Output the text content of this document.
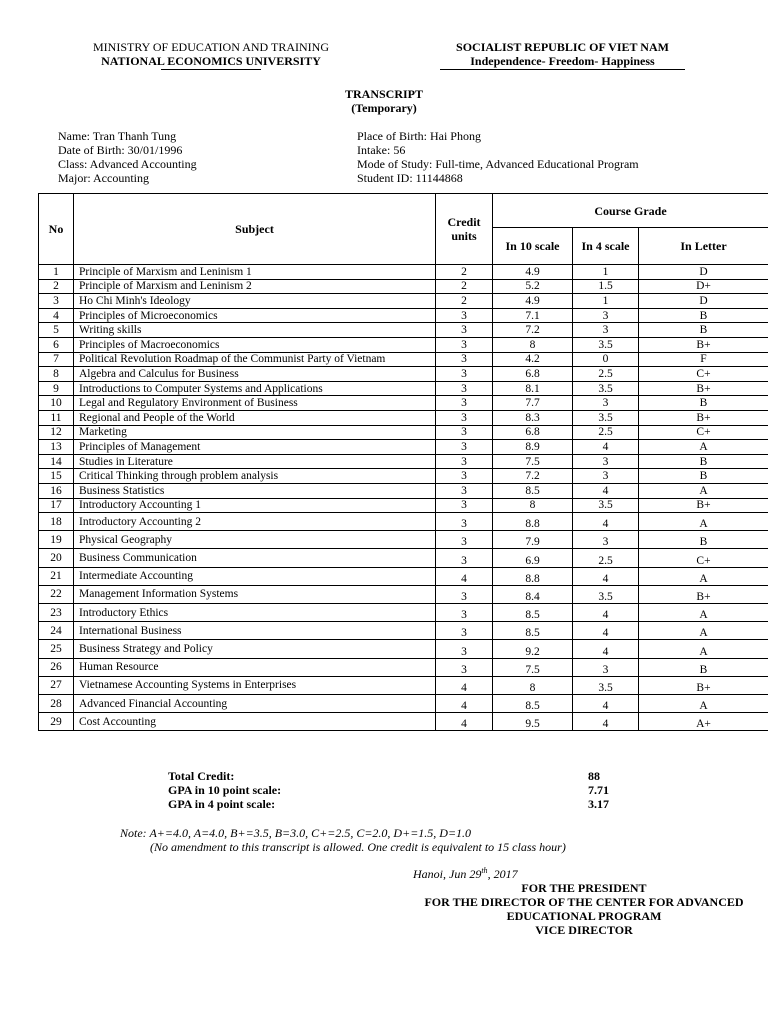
MINISTRY OF EDUCATION AND TRAINING
NATIONAL ECONOMICS UNIVERSITY
SOCIALIST REPUBLIC OF VIET NAM
Independence- Freedom- Happiness
TRANSCRIPT
(Temporary)
Name: Tran Thanh Tung
Date of Birth: 30/01/1996
Class: Advanced Accounting
Major: Accounting
Place of Birth: Hai Phong
Intake: 56
Mode of Study: Full-time, Advanced Educational Program
Student ID: 11144868
No	Subject	Credit units	Course Grade		
			In 10 scale	In 4 scale	In Letter
1	Principle of Marxism and Leninism 1	2	4.9	1	D
2	Principle of Marxism and Leninism 2	2	5.2	1.5	D+
3	Ho Chi Minh's Ideology	2	4.9	1	D
4	Principles of Microeconomics	3	7.1	3	B
5	Writing skills	3	7.2	3	B
6	Principles of Macroeconomics	3	8	3.5	B+
7	Political Revolution Roadmap of the Communist Party of Vietnam	3	4.2	0	F
8	Algebra and Calculus for Business	3	6.8	2.5	C+
9	Introductions to Computer Systems and Applications	3	8.1	3.5	B+
10	Legal and Regulatory Environment of Business	3	7.7	3	B
11	Regional and People of the World	3	8.3	3.5	B+
12	Marketing	3	6.8	2.5	C+
13	Principles of Management	3	8.9	4	A
14	Studies in Literature	3	7.5	3	B
15	Critical Thinking through problem analysis	3	7.2	3	B
16	Business Statistics	3	8.5	4	A
17	Introductory Accounting 1	3	8	3.5	B+
18	Introductory Accounting 2	3	8.8	4	A
19	Physical Geography	3	7.9	3	B
20	Business Communication	3	6.9	2.5	C+
21	Intermediate Accounting	4	8.8	4	A
22	Management Information Systems	3	8.4	3.5	B+
23	Introductory Ethics	3	8.5	4	A
24	International Business	3	8.5	4	A
25	Business Strategy and Policy	3	9.2	4	A
26	Human Resource	3	7.5	3	B
27	Vietnamese Accounting Systems in Enterprises	4	8	3.5	B+
28	Advanced Financial Accounting	4	8.5	4	A
29	Cost Accounting	4	9.5	4	A+
Total Credit:	88
GPA in 10 point scale:	7.71
GPA in 4 point scale:	3.17
Note: A+=4.0, A=4.0, B+=3.5, B=3.0, C+=2.5, C=2.0, D+=1.5, D=1.0
(No amendment to this transcript is allowed. One credit is equivalent to 15 class hour)
Hanoi, Jun 29th, 2017
FOR THE PRESIDENT
FOR THE DIRECTOR OF THE CENTER FOR ADVANCED
EDUCATIONAL PROGRAM
VICE DIRECTOR
